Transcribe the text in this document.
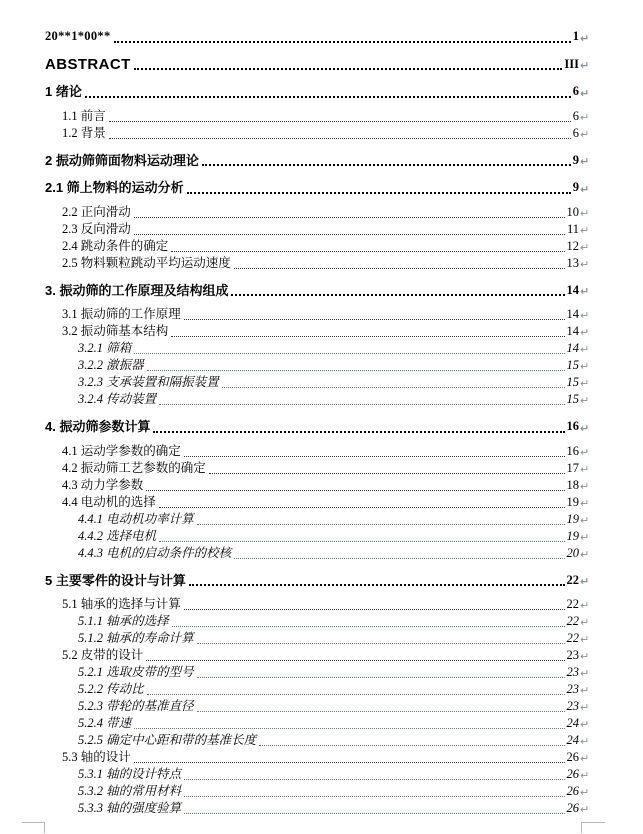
20**1*00**	1 ↵
ABSTRACT	III ↵
1 绪论	6 ↵
1.1 前言	6 ↵
1.2 背景	6 ↵
2 振动筛筛面物料运动理论	9 ↵
2.1 筛上物料的运动分析	9 ↵
2.2 正向滑动	10 ↵
2.3 反向滑动	11 ↵
2.4 跳动条件的确定	12 ↵
2.5 物料颗粒跳动平均运动速度	13 ↵
3. 振动筛的工作原理及结构组成	14 ↵
3.1 振动筛的工作原理	14 ↵
3.2 振动筛基本结构	14 ↵
3.2.1 筛箱	14 ↵
3.2.2 激振器	15 ↵
3.2.3 支承装置和隔振装置	15 ↵
3.2.4 传动装置	15 ↵
4. 振动筛参数计算	16 ↵
4.1 运动学参数的确定	16 ↵
4.2 振动筛工艺参数的确定	17 ↵
4.3 动力学参数	18 ↵
4.4 电动机的选择	19 ↵
4.4.1 电动机功率计算	19 ↵
4.4.2 选择电机	19 ↵
4.4.3 电机的启动条件的校核	20 ↵
5 主要零件的设计与计算	22 ↵
5.1 轴承的选择与计算	22 ↵
5.1.1 轴承的选择	22 ↵
5.1.2 轴承的寿命计算	22 ↵
5.2 皮带的设计	23 ↵
5.2.1 选取皮带的型号	23 ↵
5.2.2 传动比	23 ↵
5.2.3 带轮的基准直径	23 ↵
5.2.4 带速	24 ↵
5.2.5 确定中心距和带的基准长度	24 ↵
5.3 轴的设计	26 ↵
5.3.1 轴的设计特点	26 ↵
5.3.2 轴的常用材料	26 ↵
5.3.3 轴的强度验算	26 ↵
